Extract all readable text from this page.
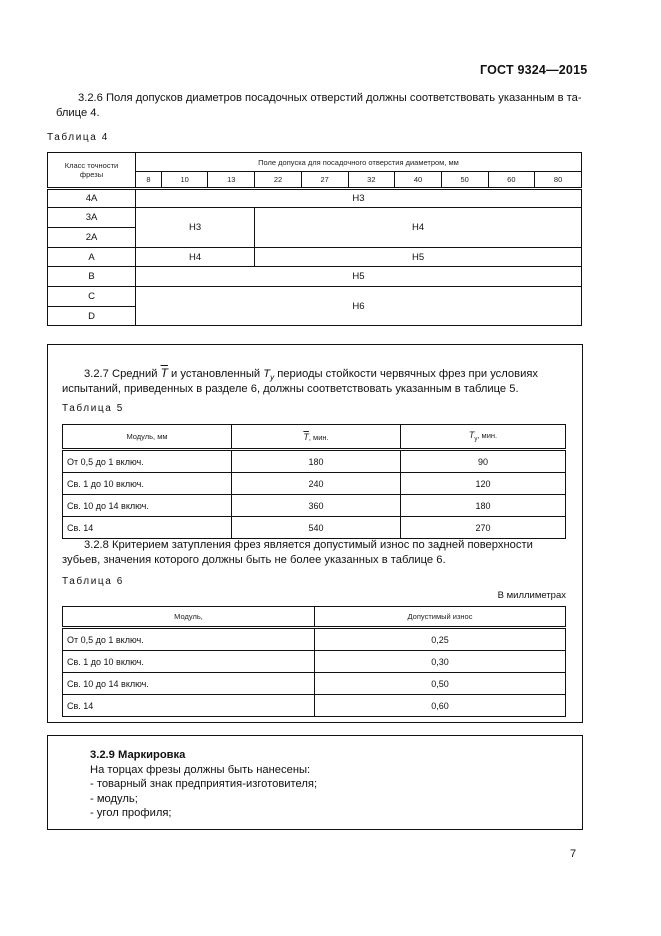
ГОСТ 9324—2015
3.2.6 Поля допусков диаметров посадочных отверстий должны соответствовать указанным в та-

блице 4.
Таблица 4
Класс точности фрезы	Поле допуска для посадочного отверстия диаметром, мм									
	8	10	13	22	27	32	40	50	60	80
4A	H3									
3A	H3			H4						
2A										
A	H4			H5						
B	H5									
C	H6									
D										
3.2.7 Средний $\overline{T}$ и установленный $T_у$ периоды стойкости червячных фрез при условиях
испытаний, приведенных в разделе 6, должны соответствовать указанным в таблице 5.
Таблица 5
Модуль, мм	$\overline{T}$, мин.	$T_у$, мин.
От 0,5 до 1 включ.	180	90
Св. 1 до 10 включ.	240	120
Св. 10 до 14 включ.	360	180
Св. 14	540	270
3.2.8 Критерием затупления фрез является допустимый износ по задней поверхности
зубьев, значения которого должны быть не более указанных в таблице 6.
Таблица 6
В миллиметрах
Модуль,	Допустимый износ
От 0,5 до 1 включ.	0,25
Св. 1 до 10 включ.	0,30
Св. 10 до 14 включ.	0,50
Св. 14	0,60
3.2.9 Маркировка
На торцах фрезы должны быть нанесены:
- товарный знак предприятия-изготовителя;
- модуль;
- угол профиля;
7
